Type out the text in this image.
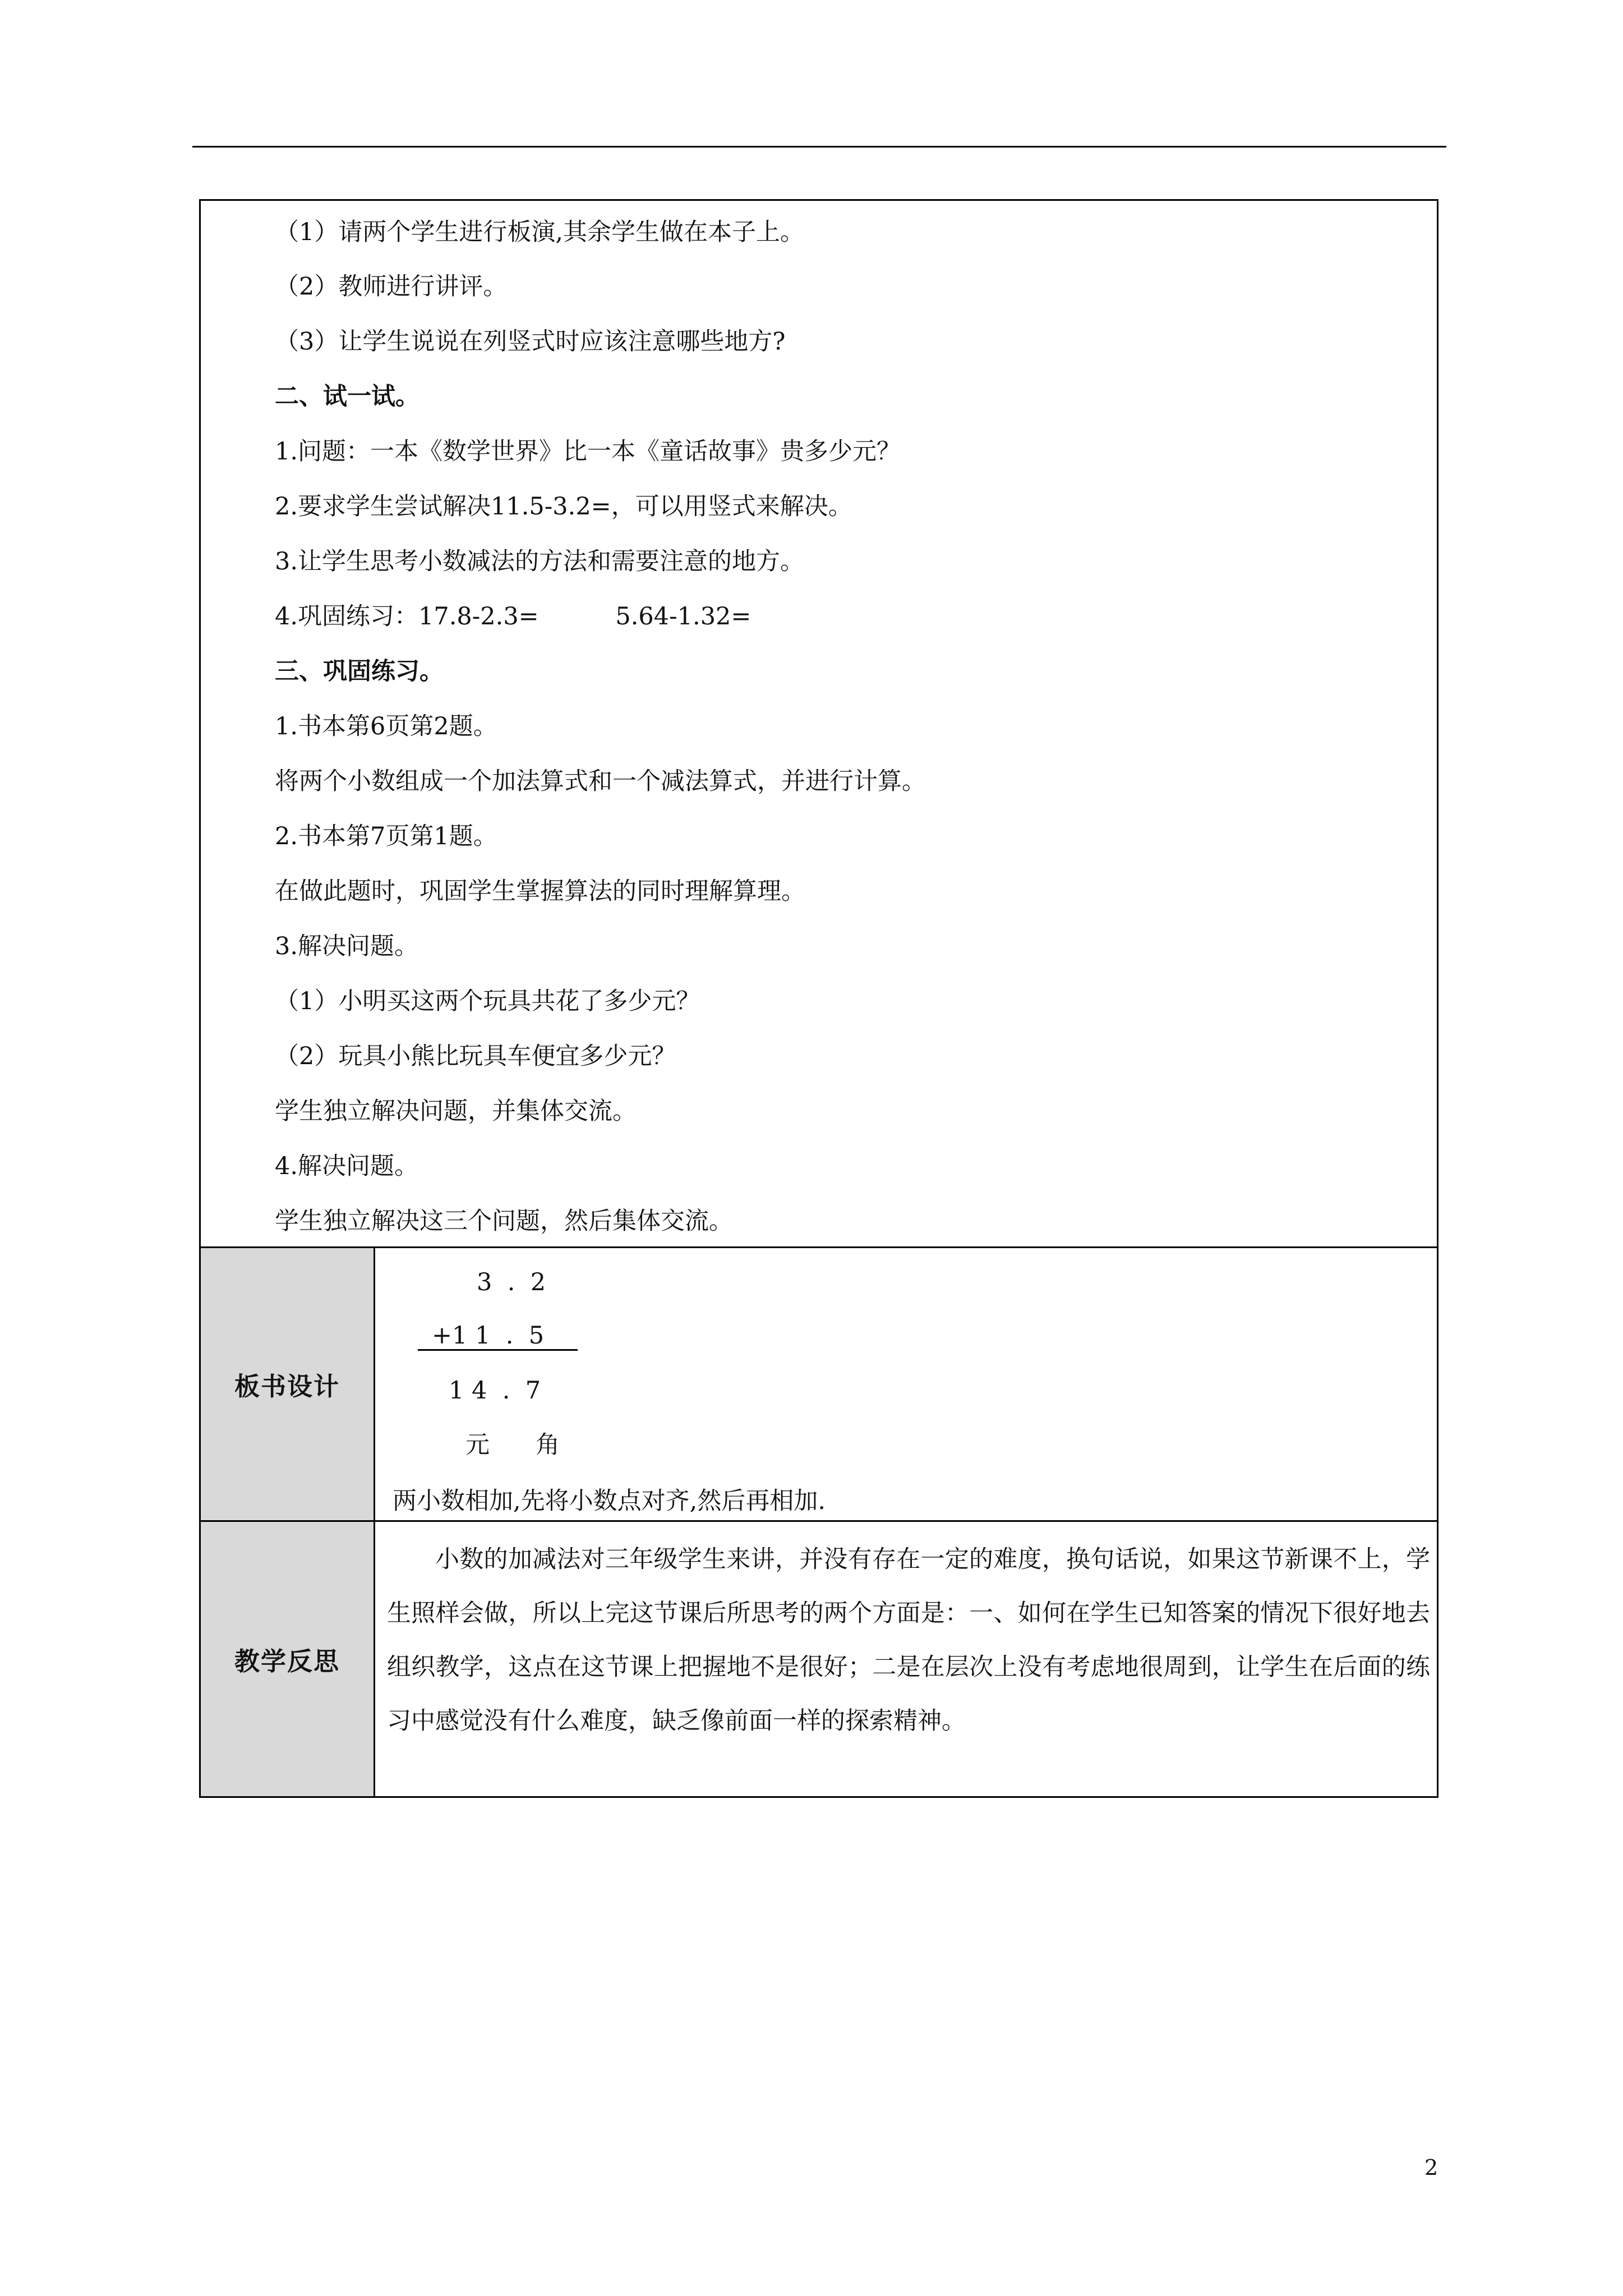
（1）请两个学生进行板演,其余学生做在本子上。
（2）教师进行讲评。
（3）让学生说说在列竖式时应该注意哪些地方?
二、试一试。
1.问题：一本《数学世界》比一本《童话故事》贵多少元？
2.要求学生尝试解决11.5-3.2=，可以用竖式来解决。
3.让学生思考小数减法的方法和需要注意的地方。
4.巩固练习：17.8-2.3=          5.64-1.32=
三、巩固练习。
1.书本第6页第2题。
将两个小数组成一个加法算式和一个减法算式，并进行计算。
2.书本第7页第1题。
在做此题时，巩固学生掌握算法的同时理解算理。
3.解决问题。
（1）小明买这两个玩具共花了多少元？
（2）玩具小熊比玩具车便宜多少元？
学生独立解决问题，并集体交流。
4.解决问题。
学生独立解决这三个问题，然后集体交流。
板书设计
3  .  2
+1 1  .  5
1 4  .  7
元      角
两小数相加,先将小数点对齐,然后再相加.
教学反思
小数的加减法对三年级学生来讲，并没有存在一定的难度，换句话说，如果这节新课不上，学生照样会做，所以上完这节课后所思考的两个方面是：一、如何在学生已知答案的情况下很好地去组织教学，这点在这节课上把握地不是很好；二是在层次上没有考虑地很周到，让学生在后面的练习中感觉没有什么难度，缺乏像前面一样的探索精神。
2
